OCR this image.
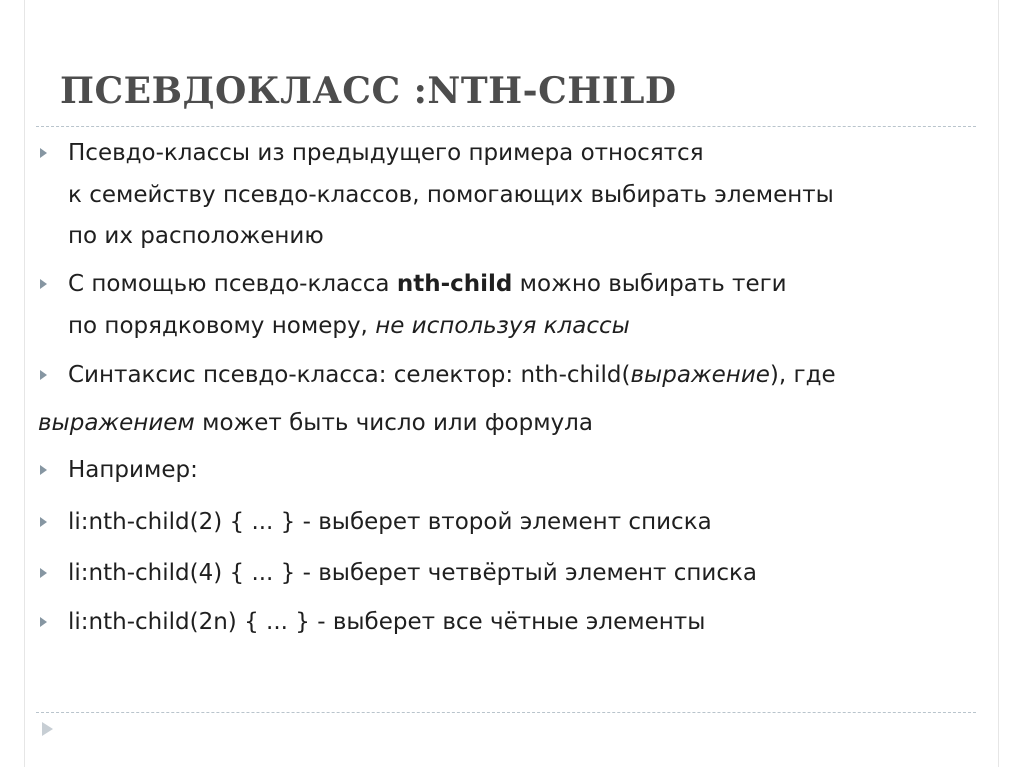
ПСЕВДОКЛАСС :NTH-CHILD
Псевдо-классы из предыдущего примера относятся
к семейству псевдо-классов, помогающих выбирать элементы
по их расположению
С помощью псевдо-класса nth-child можно выбирать теги
по порядковому номеру, не используя классы
Синтаксис псевдо-класса: селектор: nth-child(выражение), где
выражением может быть число или формула
Например:
li:nth-child(2) { ... } - выберет второй элемент списка
li:nth-child(4) { ... } - выберет четвёртый элемент списка
li:nth-child(2n) { ... } - выберет все чётные элементы
